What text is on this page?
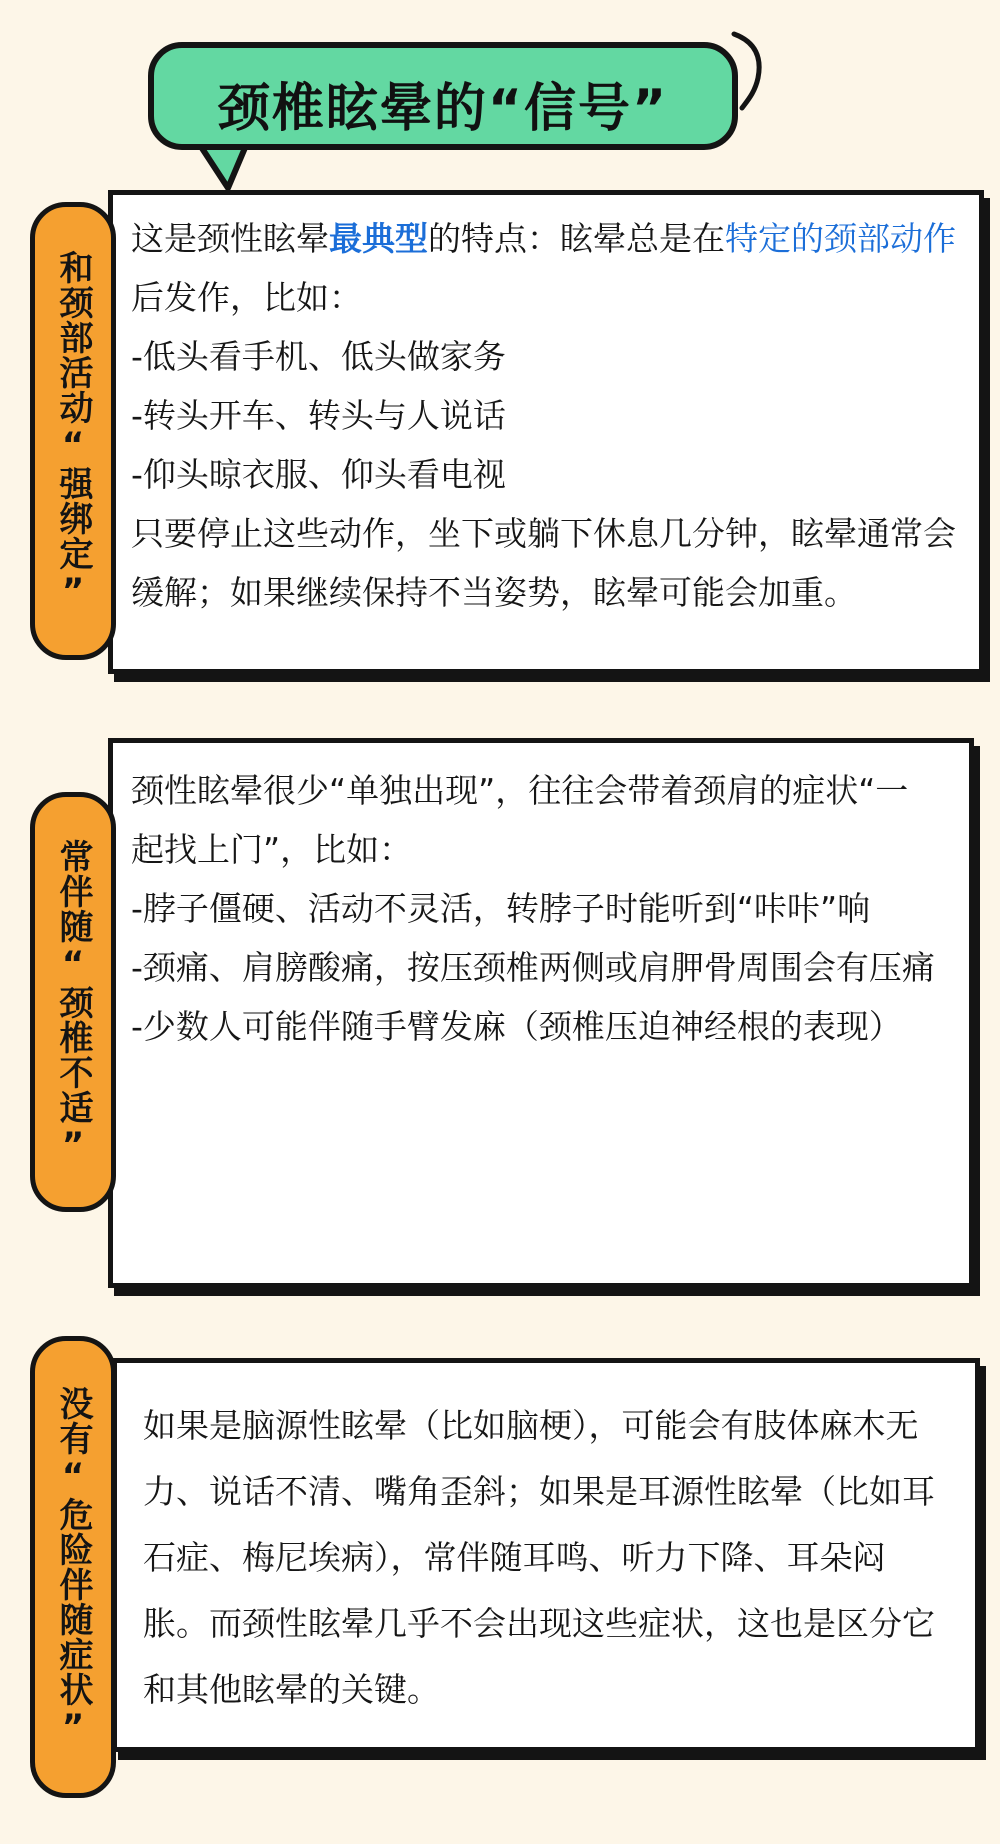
颈椎眩晕的“信号”
和颈部活动“强绑定”

这是颈性眩晕最典型的特点：眩晕总是在特定的颈部动作后发作，比如：

-低头看手机、低头做家务

-转头开车、转头与人说话

-仰头晾衣服、仰头看电视

只要停止这些动作，坐下或躺下休息几分钟，眩晕通常会缓解；如果继续保持不当姿势，眩晕可能会加重。

常伴随“颈椎不适”

颈性眩晕很少“单独出现”，往往会带着颈肩的症状“一起找上门”，比如：

-脖子僵硬、活动不灵活，转脖子时能听到“咔咔”响

-颈痛、肩膀酸痛，按压颈椎两侧或肩胛骨周围会有压痛

-少数人可能伴随手臂发麻（颈椎压迫神经根的表现）

没有“危险伴随症状” 如果是脑源性眩晕（比如脑梗），可能会有肢体麻木无力、说话不清、嘴角歪斜；如果是耳源性眩晕（比如耳石症、梅尼埃病），常伴随耳鸣、听力下降、耳朵闷胀。而颈性眩晕几乎不会出现这些症状，这也是区分它和其他眩晕的关键。
